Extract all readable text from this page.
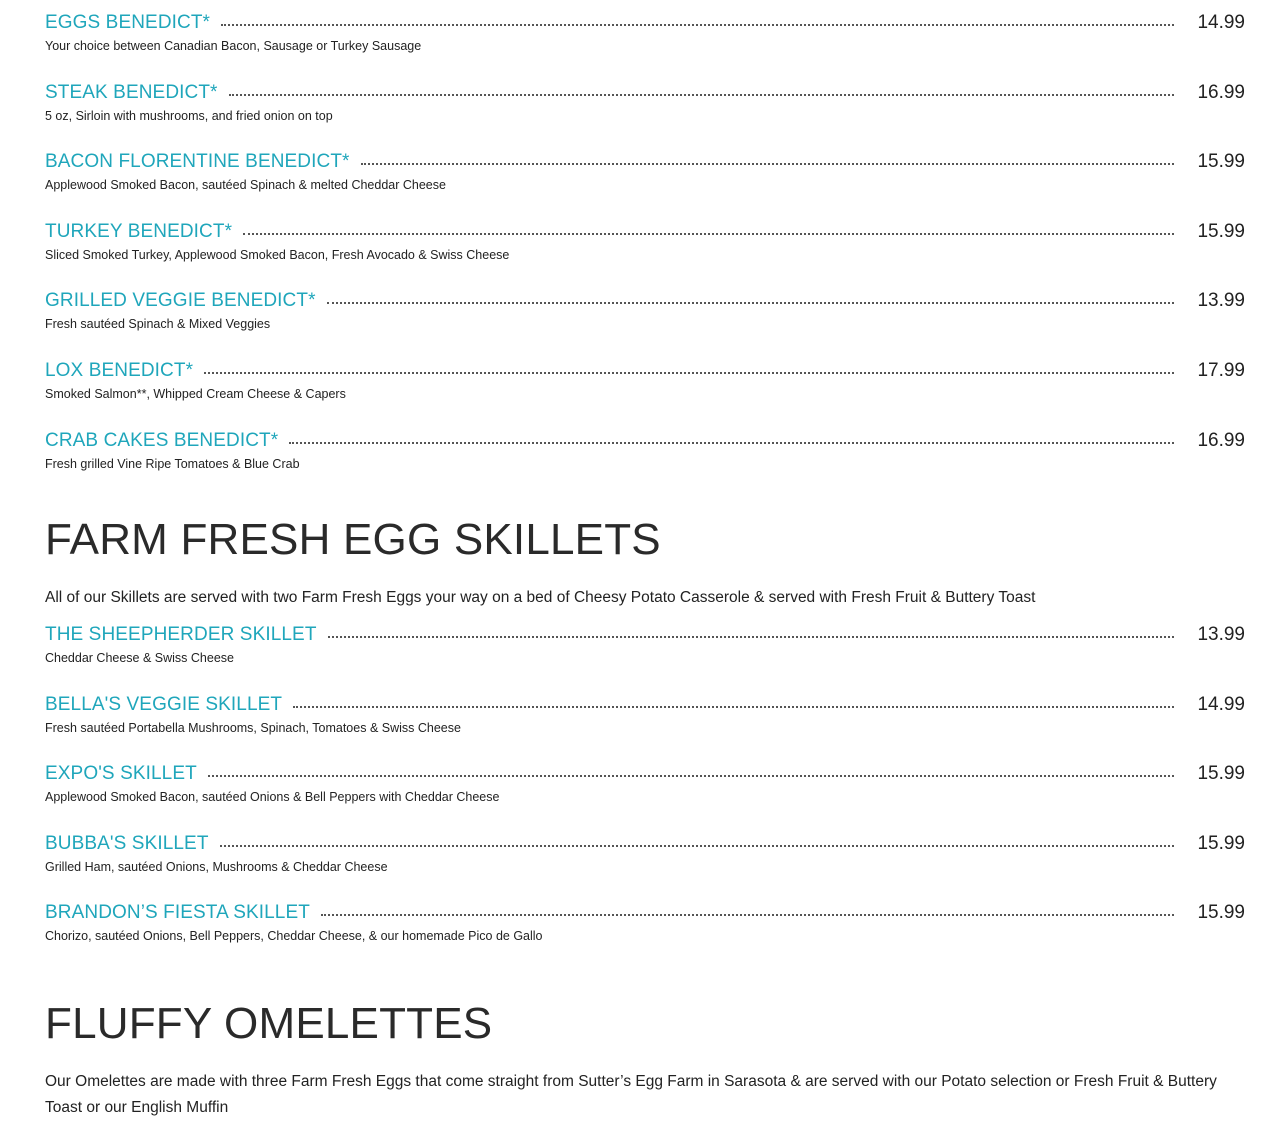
EGGS BENEDICT*	14.99
Your choice between Canadian Bacon, Sausage or Turkey Sausage
STEAK BENEDICT*	16.99
5 oz, Sirloin with mushrooms, and fried onion on top
BACON FLORENTINE BENEDICT*	15.99
Applewood Smoked Bacon, sautéed Spinach & melted Cheddar Cheese
TURKEY BENEDICT*	15.99
Sliced Smoked Turkey, Applewood Smoked Bacon, Fresh Avocado & Swiss Cheese
GRILLED VEGGIE BENEDICT*	13.99
Fresh sautéed Spinach & Mixed Veggies
LOX BENEDICT*	17.99
Smoked Salmon**, Whipped Cream Cheese & Capers
CRAB CAKES BENEDICT*	16.99
Fresh grilled Vine Ripe Tomatoes & Blue Crab
FARM FRESH EGG SKILLETS
All of our Skillets are served with two Farm Fresh Eggs your way on a bed of Cheesy Potato Casserole & served with Fresh Fruit & Buttery Toast
THE SHEEPHERDER SKILLET	13.99
Cheddar Cheese & Swiss Cheese
BELLA'S VEGGIE SKILLET	14.99
Fresh sautéed Portabella Mushrooms, Spinach, Tomatoes & Swiss Cheese
EXPO'S SKILLET	15.99
Applewood Smoked Bacon, sautéed Onions & Bell Peppers with Cheddar Cheese
BUBBA'S SKILLET	15.99
Grilled Ham, sautéed Onions, Mushrooms & Cheddar Cheese
BRANDON’S FIESTA SKILLET	15.99
Chorizo, sautéed Onions, Bell Peppers, Cheddar Cheese, & our homemade Pico de Gallo
FLUFFY OMELETTES
Our Omelettes are made with three Farm Fresh Eggs that come straight from Sutter’s Egg Farm in Sarasota & are served with our Potato selection or Fresh Fruit & Buttery Toast or our English Muffin
